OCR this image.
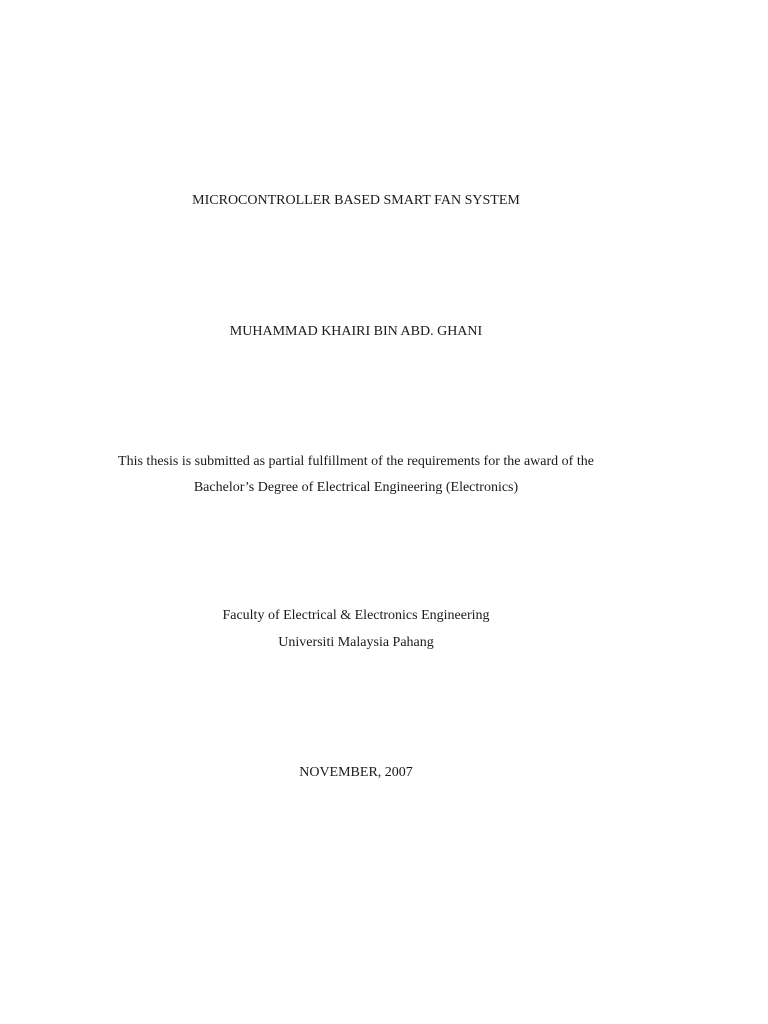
MICROCONTROLLER BASED SMART FAN SYSTEM

MUHAMMAD KHAIRI BIN ABD. GHANI

This thesis is submitted as partial fulfillment of the requirements for the award of the

Bachelor’s Degree of Electrical Engineering (Electronics)

Faculty of Electrical & Electronics Engineering

Universiti Malaysia Pahang

NOVEMBER, 2007
